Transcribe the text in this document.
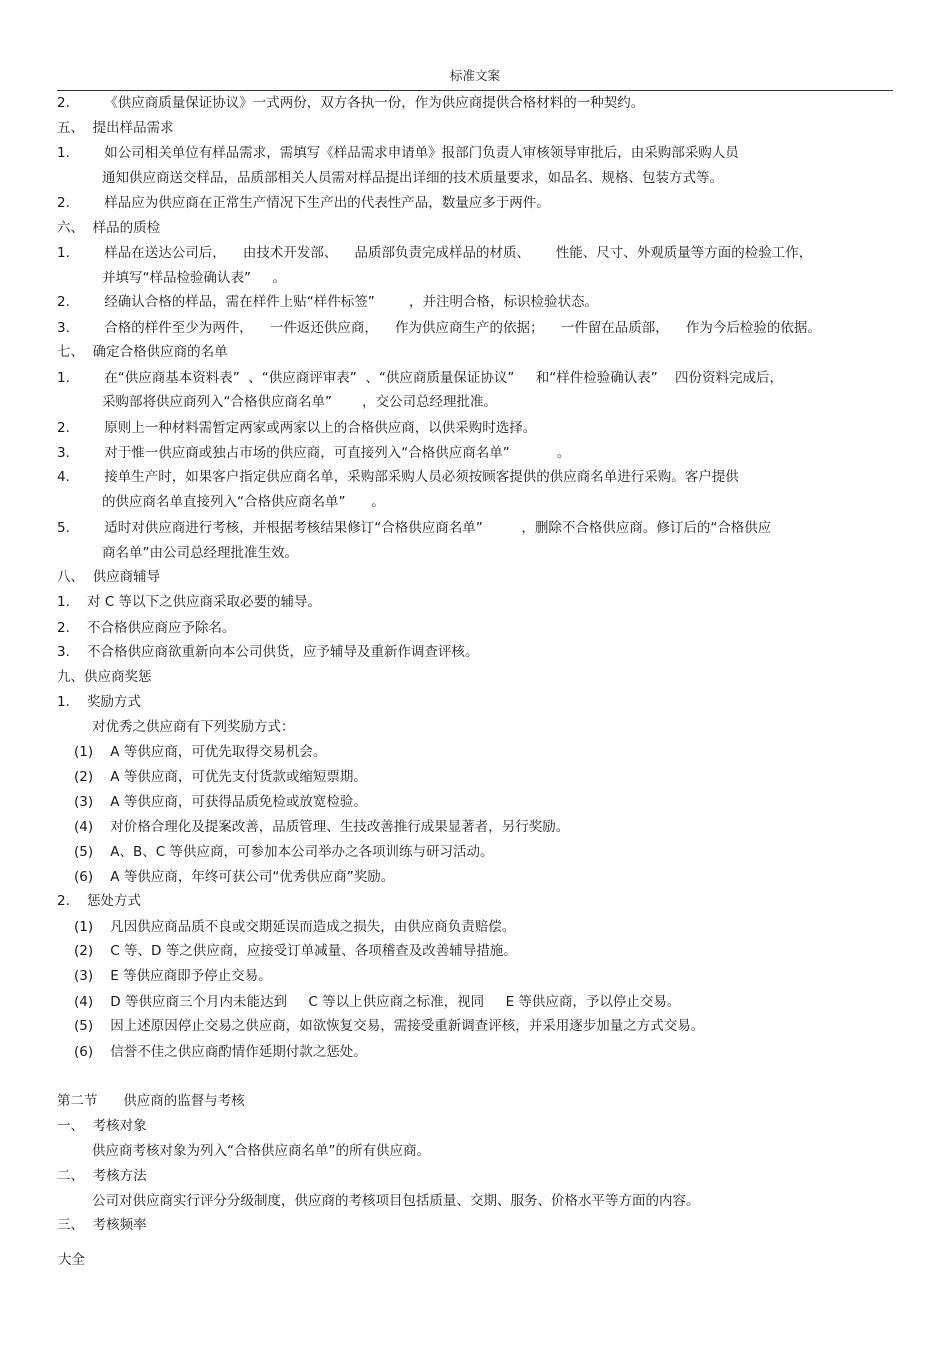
标准文案
2.        《供应商质量保证协议》一式两份，双方各执一份，作为供应商提供合格材料的一种契约。
五、  提出样品需求
1.        如公司相关单位有样品需求，需填写《样品需求申请单》报部门负责人审核领导审批后，由采购部采购人员
通知供应商送交样品，品质部相关人员需对样品提出详细的技术质量要求，如品名、规格、包装方式等。
2.        样品应为供应商在正常生产情况下生产出的代表性产品，数量应多于两件。
六、  样品的质检
1.        样品在送达公司后，    由技术开发部、    品质部负责完成样品的材质、      性能、尺寸、外观质量等方面的检验工作，
并填写“样品检验确认表”     。
2.        经确认合格的样品，需在样件上贴“样件标签”        ，并注明合格，标识检验状态。
3.        合格的样件至少为两件，    一件返还供应商，    作为供应商生产的依据；    一件留在品质部，    作为今后检验的依据。
七、  确定合格供应商的名单
1.        在“供应商基本资料表”  、“供应商评审表”  、“供应商质量保证协议”     和“样件检验确认表”    四份资料完成后，
采购部将供应商列入“合格供应商名单”       ，交公司总经理批准。
2.        原则上一种材料需暂定两家或两家以上的合格供应商，以供采购时选择。
3.        对于惟一供应商或独占市场的供应商，可直接列入“合格供应商名单”           。
4.        接单生产时，如果客户指定供应商名单，采购部采购人员必须按顾客提供的供应商名单进行采购。客户提供
的供应商名单直接列入“合格供应商名单”      。
5.        适时对供应商进行考核，并根据考核结果修订“合格供应商名单”         ，删除不合格供应商。修订后的“合格供应
商名单”由公司总经理批准生效。
八、  供应商辅导
1.    对 C 等以下之供应商采取必要的辅导。
2.    不合格供应商应予除名。
3.    不合格供应商欲重新向本公司供货，应予辅导及重新作调查评核。
九、供应商奖惩
1.    奖励方式
对优秀之供应商有下列奖励方式：
(1)    A 等供应商，可优先取得交易机会。
(2)    A 等供应商，可优先支付货款或缩短票期。
(3)    A 等供应商，可获得品质免检或放宽检验。
(4)    对价格合理化及提案改善，品质管理、生技改善推行成果显著者，另行奖励。
(5)    A、B、C 等供应商，可参加本公司举办之各项训练与研习活动。
(6)    A 等供应商，年终可获公司“优秀供应商”奖励。
2.    惩处方式
(1)    凡因供应商品质不良或交期延误而造成之损失，由供应商负责赔偿。
(2)    C 等、D 等之供应商，应接受订单减量、各项稽查及改善辅导措施。
(3)    E 等供应商即予停止交易。
(4)    D 等供应商三个月内未能达到     C 等以上供应商之标准，视同     E 等供应商，予以停止交易。
(5)    因上述原因停止交易之供应商，如欲恢复交易，需接受重新调查评核，并采用逐步加量之方式交易。
(6)    信誉不佳之供应商酌情作延期付款之惩处。
第二节      供应商的监督与考核
一、  考核对象
供应商考核对象为列入“合格供应商名单”的所有供应商。
二、  考核方法
公司对供应商实行评分分级制度，供应商的考核项目包括质量、交期、服务、价格水平等方面的内容。
三、  考核频率
大全
